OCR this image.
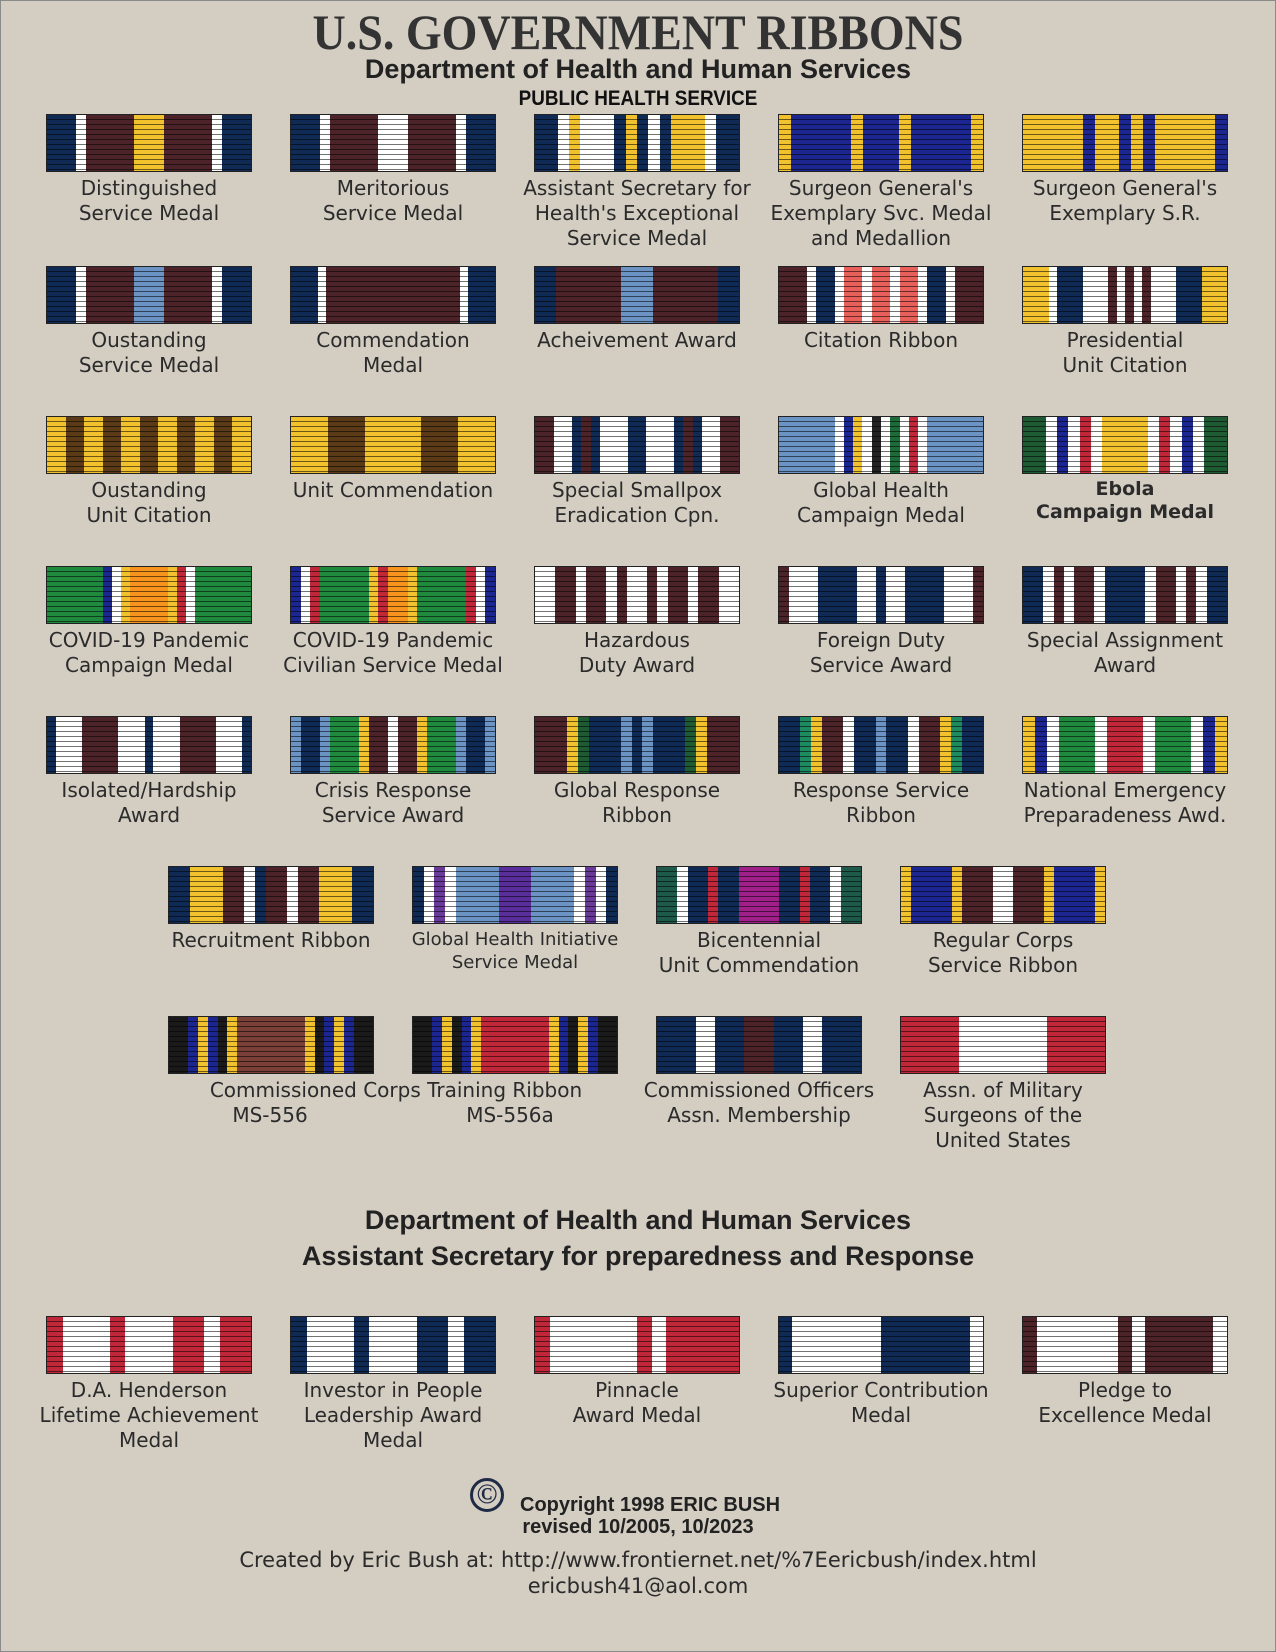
U.S. GOVERNMENT RIBBONS
Department of Health and Human Services
PUBLIC HEALTH SERVICE
Distinguished
Service Medal
Meritorious
Service Medal
Assistant Secretary for
Health's Exceptional
Service Medal
Surgeon General's
Exemplary Svc. Medal
and Medallion
Surgeon General's
Exemplary S.R.
Oustanding
Service Medal
Commendation
Medal
Acheivement Award	Citation Ribbon	Presidential
Unit Citation
Oustanding
Unit Citation
Unit Commendation	Special Smallpox
Eradication Cpn.
Global Health
Campaign Medal
Ebola
Campaign Medal
COVID-19 Pandemic
Campaign Medal
COVID-19 Pandemic
Civilian Service Medal
Hazardous
Duty Award
Foreign Duty
Service Award
Special Assignment
Award
Isolated/Hardship
Award
Crisis Response
Service Award
Global Response
Ribbon
Response Service
Ribbon
National Emergency
Preparadeness Awd.
Recruitment Ribbon	Global Health Initiative
Service Medal
Bicentennial
Unit Commendation
Regular Corps
Service Ribbon
Commissioned Officers
Assn. Membership
Assn. of Military
Surgeons of the
United States
Commissioned Corps Training Ribbon
MS-556	MS-556a
Department of Health and Human Services
Assistant Secretary for preparedness and Response
D.A. Henderson
Lifetime Achievement
Medal
Investor in People
Leadership Award
Medal
Pinnacle
Award Medal
Superior Contribution
Medal
Pledge to
Excellence Medal
©	Copyright 1998 ERIC BUSH
revised 10/2005, 10/2023
Created by Eric Bush at: http://www.frontiernet.net/%7Eericbush/index.html
ericbush41@aol.com
